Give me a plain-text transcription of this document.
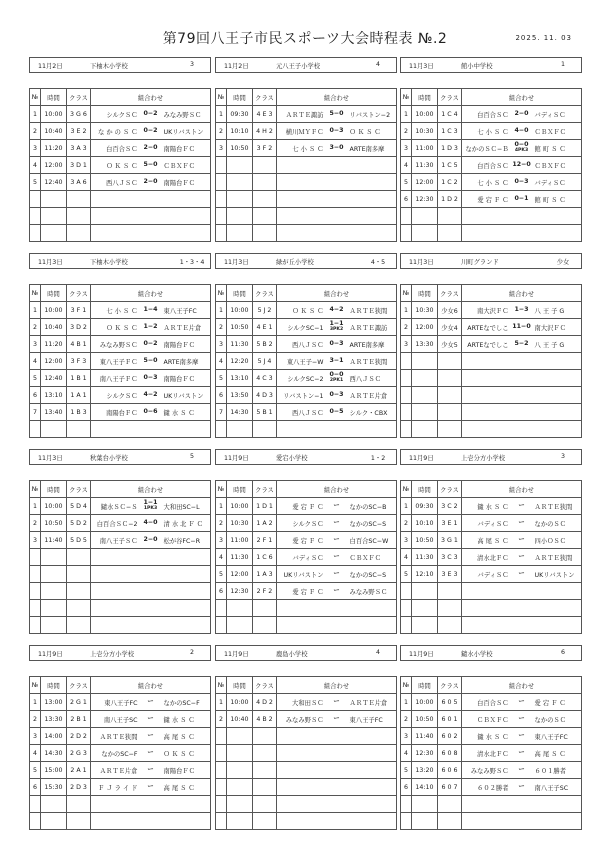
第79回八王子市民スポーツ大会時程表 №.2	2025. 11. 03
11月2日 下柚木小学校 3			

№	時間	クラス	組合わせ
1	10:00	3 G 6	シルクＳＣ 0−2 みなみ野ＳＣ

2	10:40	3 E 2	な か の Ｓ Ｃ 0−2 UKリバストン

3	11:20	3 A 3	白百合ＳＣ 2−0 南陽台ＦＣ

4	12:00	3 D 1	Ｏ Ｋ Ｓ Ｃ 5−0 ＣＢＸＦＣ

5	12:40	3 A 6	西八ＪＳＣ 2−0 南陽台ＦＣ

11月2日 元八王子小学校 4			

№	時間	クラス	組合わせ
1	09:30	4 E 3	ＡＲＴＥ諏訪 5−0 リバストン−2

2	10:10	4 H 2	横川ＭＹＦＣ 0−3 Ｏ Ｋ Ｓ Ｃ

3	10:50	3 F 2	七 小 Ｓ Ｃ 3−0 ARTE南多摩

11月3日 館小中学校 1			

№	時間	クラス	組合わせ
1	10:00	1 C 4	白百合ＳＣ 2−0 バディＳＣ

2	10:30	1 C 3	七 小 Ｓ Ｃ 4−0 ＣＢＸＦＣ

3	11:00	1 D 3	なかのＳＣ−Ｂ
0−0
4PK3 館 町 Ｓ Ｃ

4	11:30	1 C 5	白百合ＳＣ 12−0 ＣＢＸＦＣ

5	12:00	1 C 2	七 小 Ｓ Ｃ 0−3 バディＳＣ

6	12:30	1 D 2	愛 宕 Ｆ Ｃ 0−1 館 町 Ｓ Ｃ

11月3日 下柚木小学校 1・3・4			

№	時間	クラス	組合わせ
1	10:00	3 F 1	七 小 Ｓ Ｃ 1−4 東八王子FC

2	10:40	3 D 2	Ｏ Ｋ Ｓ Ｃ 1−2 ＡＲＴＥ片倉

3	11:20	4 B 1	みなみ野ＳＣ 0−2 南陽台ＦＣ

4	12:00	3 F 3	東八王子ＦＣ 5−0 ARTE南多摩

5	12:40	1 B 1	南八王子ＦＣ 0−3 南陽台ＦＣ

6	13:10	1 A 1	シルクＳＣ 4−2 UKリバストン

7	13:40	1 B 3	南陽台ＦＣ 0−6 鑓 水 Ｓ Ｃ

11月3日 緑が丘小学校 4・5			

№	時間	クラス	組合わせ
1	10:00	5 J 2	Ｏ Ｋ Ｓ Ｃ 4−2 ＡＲＴＥ狭間

2	10:50	4 E 1	シルクSC−1
1−1
3PK2 ＡＲＴＥ諏訪

3	11:30	5 B 2	西八ＪＳＣ 0−3 ARTE南多摩

4	12:20	5 J 4	東八王子−W 3−1 ＡＲＴＥ狭間

5	13:10	4 C 3	シルクSC−2
0−0
2PK1 西八ＪＳＣ

6	13:50	4 D 3	リバストン−1 0−3 ＡＲＴＥ片倉

7	14:30	5 B 1	西八ＪＳＣ 0−5 シルク・CBX

11月3日 川町グランド 少女			

№	時間	クラス	組合わせ
1	10:30	少女6	南大沢ＦＣ 1−3 八 王 子 G

2	12:00	少女4	ARTEなでしこ 11−0 南大沢ＦＣ

3	13:30	少女5	ARTEなでしこ 5−2 八 王 子 G

11月3日 秋葉台小学校 5			

№	時間	クラス	組合わせ
1	10:00	5 D 4	鑓水ＳＣ−Ｓ
1−1
1PK3 大和田SC−L

2	10:50	5 D 2	白百合ＳＣ−2 4−0 清 水 北 Ｆ Ｃ

3	11:40	5 D 5	南八王子ＳＣ 2−0 松が谷FC−R

11月9日 愛宕小学校 1・2			

№	時間	クラス	組合わせ
1	10:00	1 D 1	愛 宕 Ｆ Ｃ ー なかのSC−B

2	10:30	1 A 2	シルクＳＣ ー なかのSC−S

3	11:00	2 F 1	愛 宕 Ｆ Ｃ ー 白百合SC−W

4	11:30	1 C 6	バディＳＣ ー ＣＢＸＦＣ

5	12:00	1 A 3	UKリバストン ー なかのSC−S

6	12:30	2 F 2	愛 宕 Ｆ Ｃ ー みなみ野ＳＣ

11月9日 上壱分方小学校 3			

№	時間	クラス	組合わせ
1	09:30	3 C 2	鑓 水 Ｓ Ｃ ー ＡＲＴＥ狭間

2	10:10	3 E 1	バディＳＣ ー なかのＳＣ

3	10:50	3 G 1	高 尾 Ｓ Ｃ ー 四小ＯＳＣ

4	11:30	3 C 3	清水北ＦＣ ー ＡＲＴＥ狭間

5	12:10	3 E 3	バディＳＣ ー UKリバストン

11月9日 上壱分方小学校 2			

№	時間	クラス	組合わせ
1	13:00	2 G 1	東八王子FC ー なかのSC−F

2	13:30	2 B 1	南八王子SC ー 鑓 水 Ｓ Ｃ

3	14:00	2 D 2	ＡＲＴＥ狭間 ー 高 尾 Ｓ Ｃ

4	14:30	2 G 3	なかのSC−F ー Ｏ Ｋ Ｓ Ｃ

5	15:00	2 A 1	ＡＲＴＥ片倉 ー 南陽台ＦＣ

6	15:30	2 D 3	Ｆ Ｊ ラ イ ド ー 高 尾 Ｓ Ｃ

11月9日 鹿島小学校 4			

№	時間	クラス	組合わせ
1	10:00	4 D 2	大和田ＳＣ ー ＡＲＴＥ片倉

2	10:40	4 B 2	みなみ野ＳＣ ー 東八王子FC

11月9日 鑓水小学校 6			

№	時間	クラス	組合わせ
1	10:00	6 0 5	白百合ＳＣ ー 愛 宕 Ｆ Ｃ

2	10:50	6 0 1	ＣＢＸＦＣ ー なかのＳＣ

3	11:40	6 0 2	鑓 水 Ｓ Ｃ ー 東八王子FC

4	12:30	6 0 8	清水北ＦＣ ー 高 尾 Ｓ Ｃ

5	13:20	6 0 6	みなみ野ＳＣ ー ６０１勝者

6	14:10	6 0 7	６０２勝者 ー 南八王子SC
